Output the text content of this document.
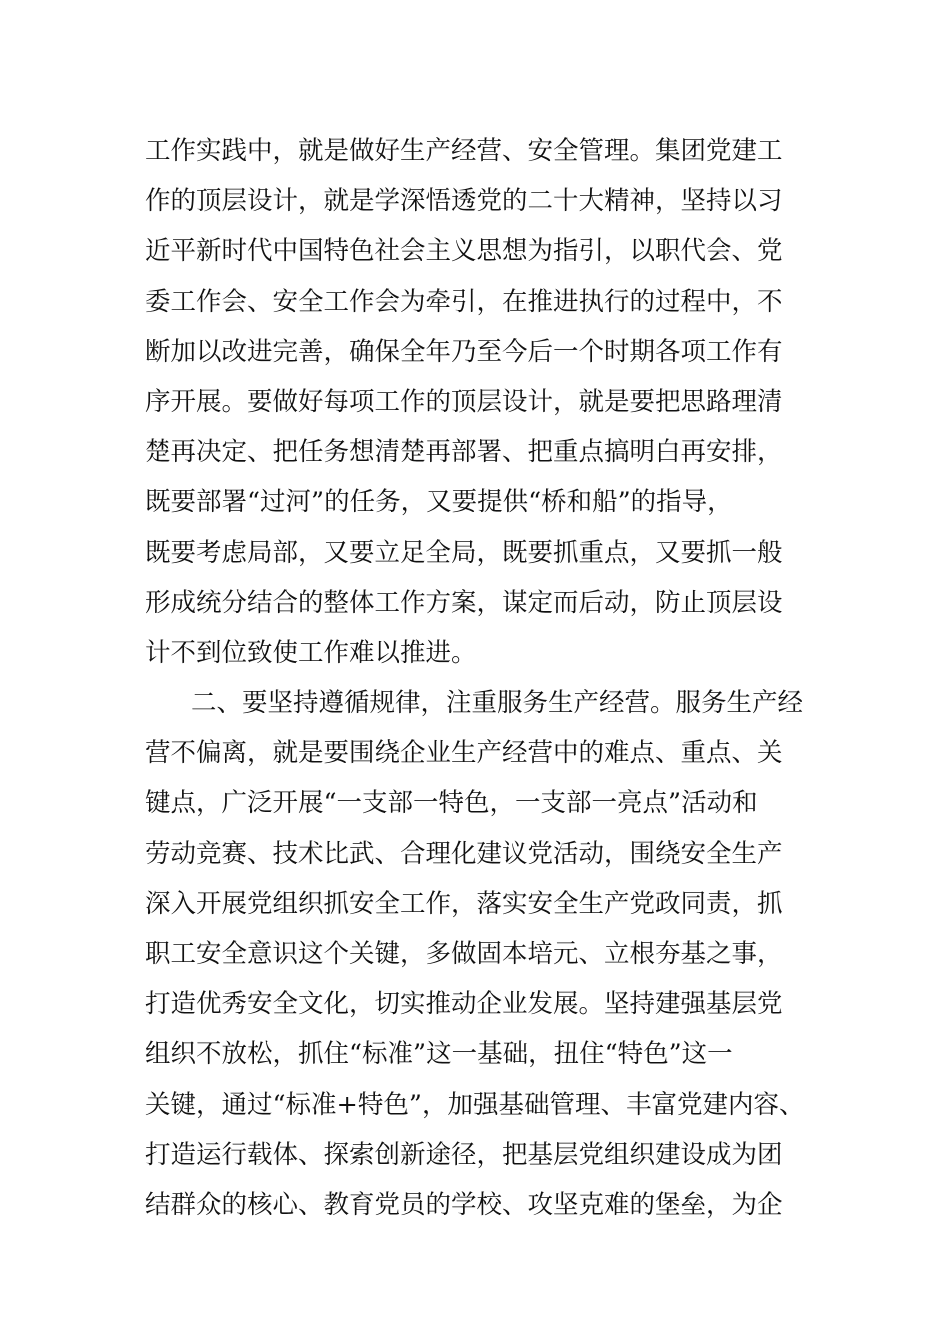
工作实践中，就是做好生产经营、安全管理。集团党建工
作的顶层设计，就是学深悟透党的二十大精神，坚持以习
近平新时代中国特色社会主义思想为指引，以职代会、党
委工作会、安全工作会为牵引，在推进执行的过程中，不
断加以改进完善，确保全年乃至今后一个时期各项工作有
序开展。要做好每项工作的顶层设计，就是要把思路理清
楚再决定、把任务想清楚再部署、把重点搞明白再安排，
既要部署“过河”的任务，又要提供“桥和船”的指导，
既要考虑局部，又要立足全局，既要抓重点，又要抓一般
形成统分结合的整体工作方案，谋定而后动，防止顶层设
计不到位致使工作难以推进。
二、要坚持遵循规律，注重服务生产经营。服务生产经
营不偏离，就是要围绕企业生产经营中的难点、重点、关
键点，广泛开展“一支部一特色，一支部一亮点”活动和
劳动竞赛、技术比武、合理化建议党活动，围绕安全生产
深入开展党组织抓安全工作，落实安全生产党政同责，抓
职工安全意识这个关键，多做固本培元、立根夯基之事，
打造优秀安全文化，切实推动企业发展。坚持建强基层党
组织不放松，抓住“标准”这一基础，扭住“特色”这一
关键，通过“标准+特色”，加强基础管理、丰富党建内容、
打造运行载体、探索创新途径，把基层党组织建设成为团
结群众的核心、教育党员的学校、攻坚克难的堡垒，为企
